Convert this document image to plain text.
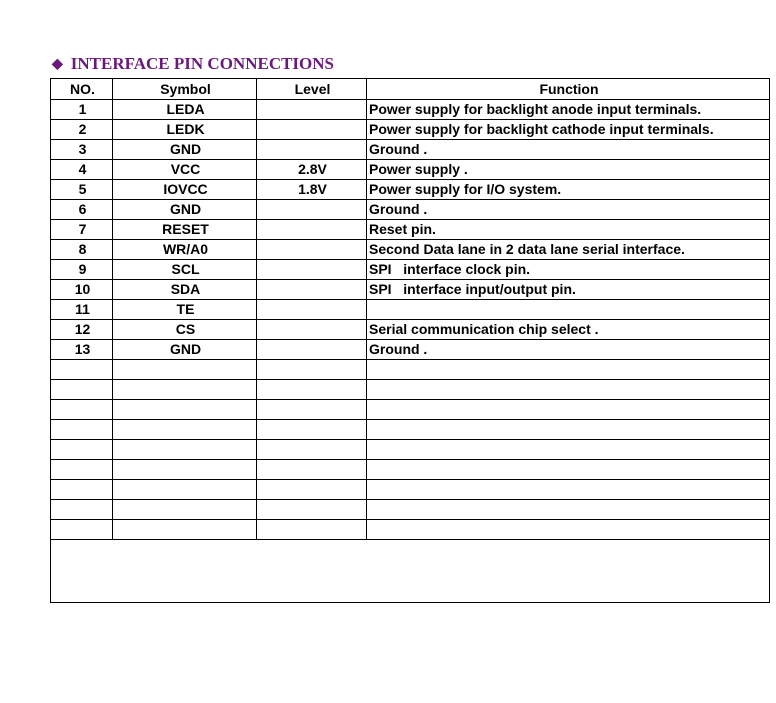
◆ INTERFACE PIN CONNECTIONS
NO.	Symbol	Level	Function
1	LEDA		Power supply for backlight anode input terminals.
2	LEDK		Power supply for backlight cathode input terminals.
3	GND		Ground .
4	VCC	2.8V	Power supply .
5	IOVCC	1.8V	Power supply for I/O system.
6	GND		Ground .
7	RESET		Reset pin.
8	WR/A0		Second Data lane in 2 data lane serial interface.
9	SCL		SPI   interface clock pin.
10	SDA		SPI   interface input/output pin.
11	TE		
12	CS		Serial communication chip select .
13	GND		Ground .
